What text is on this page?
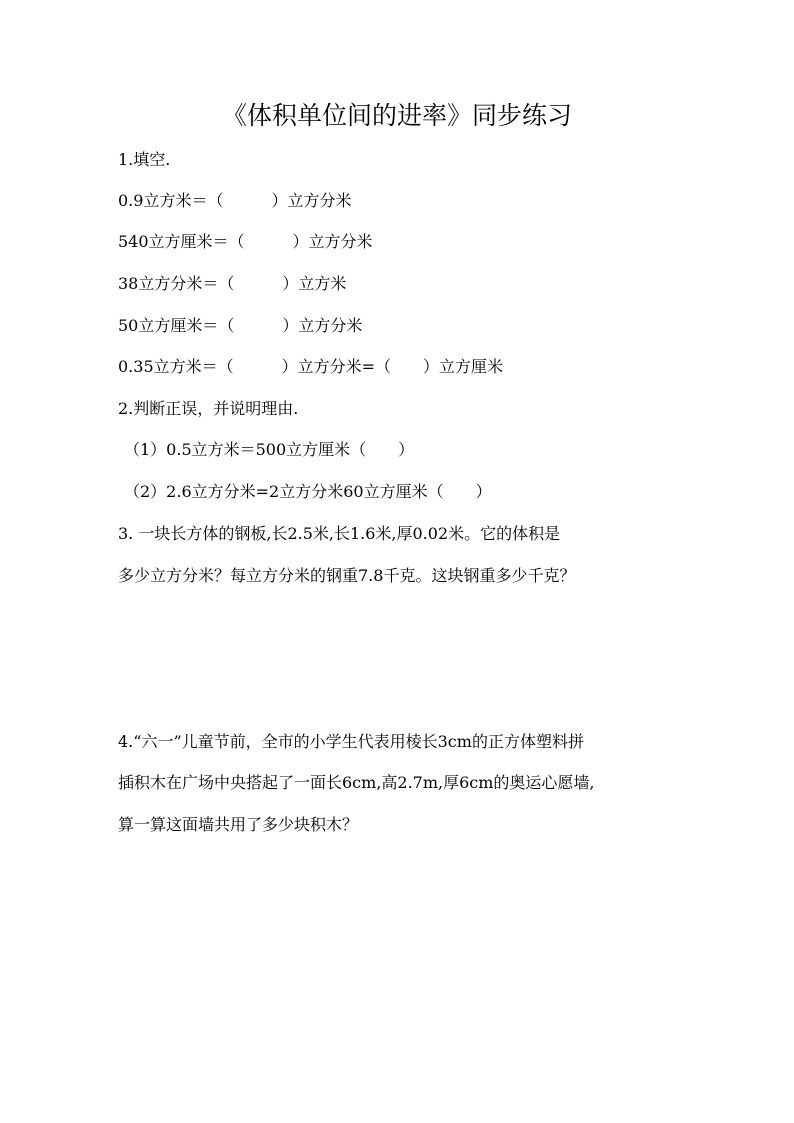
《体积单位间的进率》同步练习
1.填空.
0.9立方米＝（　　　）立方分米
540立方厘米＝（　　　）立方分米
38立方分米＝（　　　）立方米
50立方厘米＝（　　　）立方分米
0.35立方米＝（　　　）立方分米=（　　）立方厘米
2.判断正误，并说明理由.
（1）0.5立方米＝500立方厘米（　　）
（2）2.6立方分米=2立方分米60立方厘米（　　）
3. 一块长方体的钢板,长2.5米,长1.6米,厚0.02米。它的体积是
多少立方分米？每立方分米的钢重7.8千克。这块钢重多少千克？
4.“六一”儿童节前，全市的小学生代表用棱长3cm的正方体塑料拼
插积木在广场中央搭起了一面长6cm,高2.7m,厚6cm的奥运心愿墙,
算一算这面墙共用了多少块积木？
